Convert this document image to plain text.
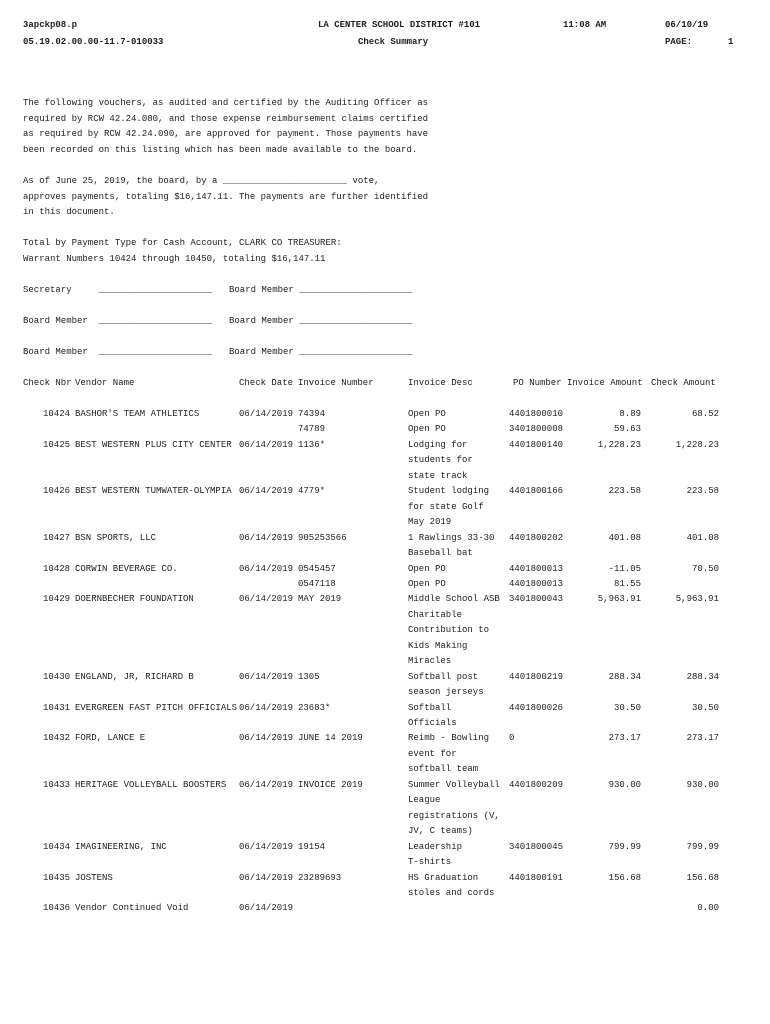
3apckp08.p
05.19.02.00.00-11.7-010033
LA CENTER SCHOOL DISTRICT #101
Check Summary
11:08 AM	06/10/19
PAGE:	1
The following vouchers, as audited and certified by the Auditing Officer as
required by RCW 42.24.080, and those expense reimbursement claims certified
as required by RCW 42.24.090, are approved for payment. Those payments have
been recorded on this listing which has been made available to the board.
As of June 25, 2019, the board, by a _______________________ vote,
approves payments, totaling $16,147.11. The payments are further identified
in this document.
Total by Payment Type for Cash Account, CLARK CO TREASURER:
Warrant Numbers 10424 through 10450, totaling $16,147.11
Secretary     _____________________ Board Member _____________________
Board Member  _____________________ Board Member _____________________
Board Member  _____________________ Board Member _____________________
Check Nbr Vendor Name	Check Date Invoice Number	Invoice Desc	PO Number Invoice Amount Check Amount
10424 BASHOR'S TEAM ATHLETICS	06/14/2019 74394	Open PO	4401800010	8.89	68.52
74789	Open PO	3401800008	59.63
10425 BEST WESTERN PLUS CITY CENTER 06/14/2019 1136*	Lodging for	4401800140	1,228.23	1,228.23
students for
state track
10426 BEST WESTERN TUMWATER-OLYMPIA 06/14/2019 4779*	Student lodging 4401800166	223.58	223.58
for state Golf
May 2019
10427 BSN SPORTS, LLC	06/14/2019 905253566	1 Rawlings 33-30 4401800202	401.08	401.08
Baseball bat
10428 CORWIN BEVERAGE CO.	06/14/2019 0545457	Open PO	4401800013	-11.05	70.50
0547118	Open PO	4401800013	81.55
10429 DOERNBECHER FOUNDATION	06/14/2019 MAY 2019	Middle School ASB 3401800043	5,963.91	5,963.91
Charitable
Contribution to
Kids Making
Miracles
10430 ENGLAND, JR, RICHARD B	06/14/2019 1305	Softball post	4401800219	288.34	288.34
season jerseys
10431 EVERGREEN FAST PITCH OFFICIALS 06/14/2019 23683*	Softball	4401800026	30.50	30.50
Officials
10432 FORD, LANCE E	06/14/2019 JUNE 14 2019	Reimb - Bowling 0	273.17	273.17
event for
softball team
10433 HERITAGE VOLLEYBALL BOOSTERS 06/14/2019 INVOICE 2019	Summer Volleyball 4401800209	930.00	930.00
League
registrations (V,
JV, C teams)
10434 IMAGINEERING, INC	06/14/2019 19154	Leadership	3401800045	799.99	799.99
T-shirts
10435 JOSTENS	06/14/2019 23289693	HS Graduation	4401800191	156.68	156.68
stoles and cords
10436 Vendor Continued Void	06/14/2019	0.00
